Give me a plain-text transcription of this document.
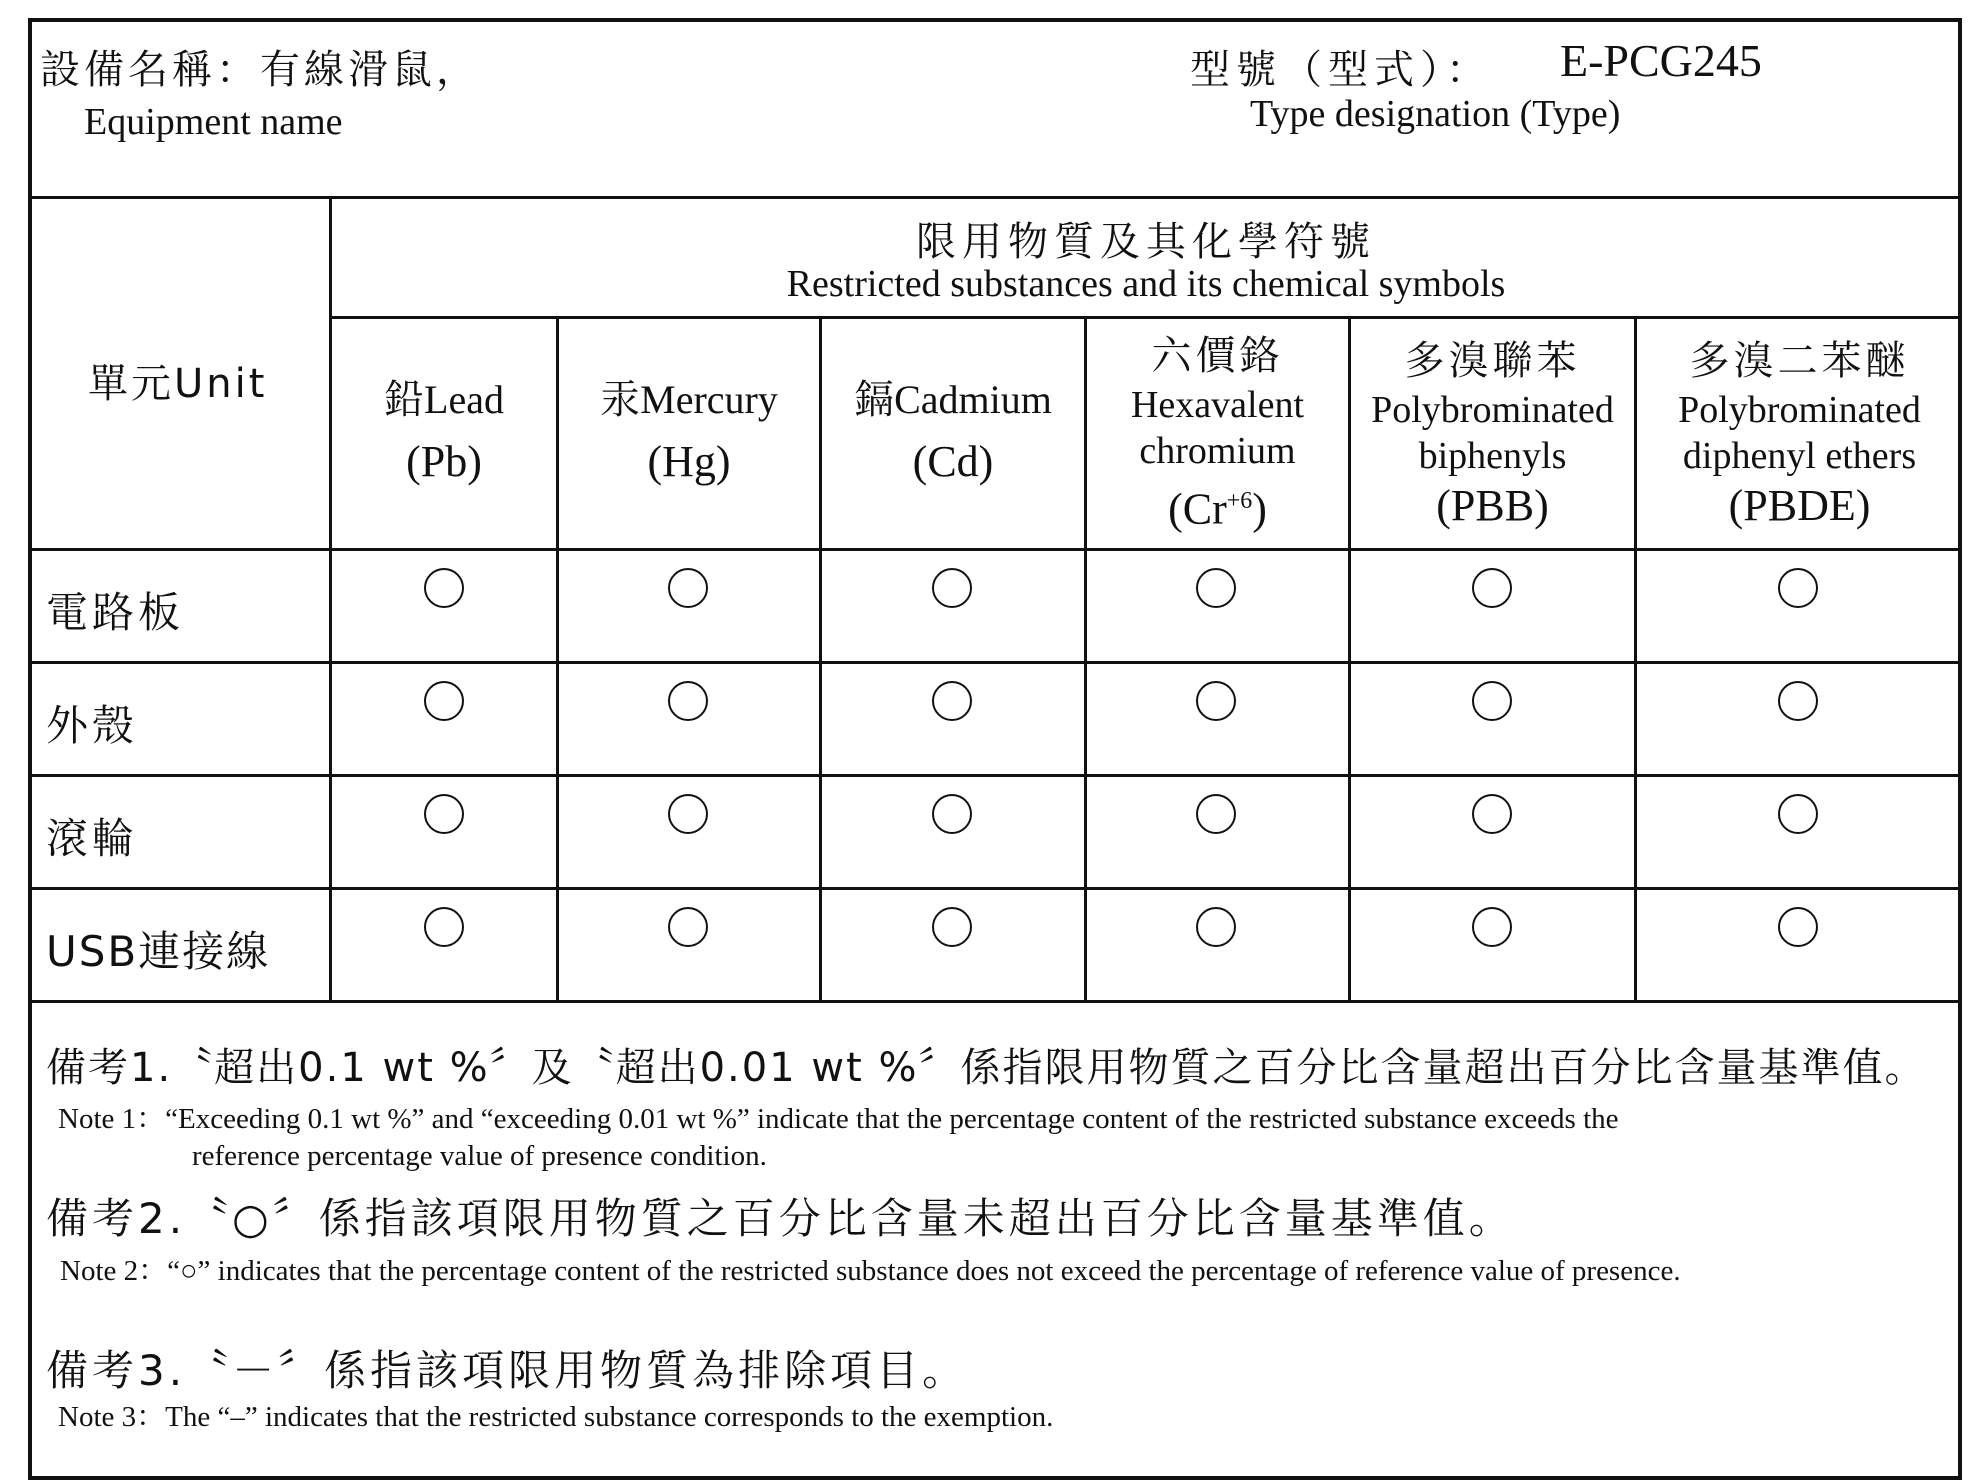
設備名稱：有線滑鼠，
Equipment name
型號（型式）： E-PCG245
Type designation (Type)
單元Unit
限用物質及其化學符號
Restricted substances and its chemical symbols
鉛Lead
(Pb)
汞Mercury
(Hg)
鎘Cadmium
(Cd)
六價鉻
Hexavalent
chromium
$(Cr^{+6})$
多溴聯苯
Polybrominated
biphenyls
(PBB)
多溴二苯醚
Polybrominated
diphenyl ethers
(PBDE)
電路板
外殼
滾輪
USB連接線
備考1.〝超出0.1 wt %〞及〝超出0.01 wt %〞係指限用物質之百分比含量超出百分比含量基準值。
Note 1：“Exceeding 0.1 wt %” and “exceeding 0.01 wt %” indicate that the percentage content of the restricted substance exceeds the
reference percentage value of presence condition.
備考2.〝○〞係指該項限用物質之百分比含量未超出百分比含量基準值。
Note 2：“○” indicates that the percentage content of the restricted substance does not exceed the percentage of reference value of presence.
備考3.〝－〞係指該項限用物質為排除項目。
Note 3：The “–” indicates that the restricted substance corresponds to the exemption.
